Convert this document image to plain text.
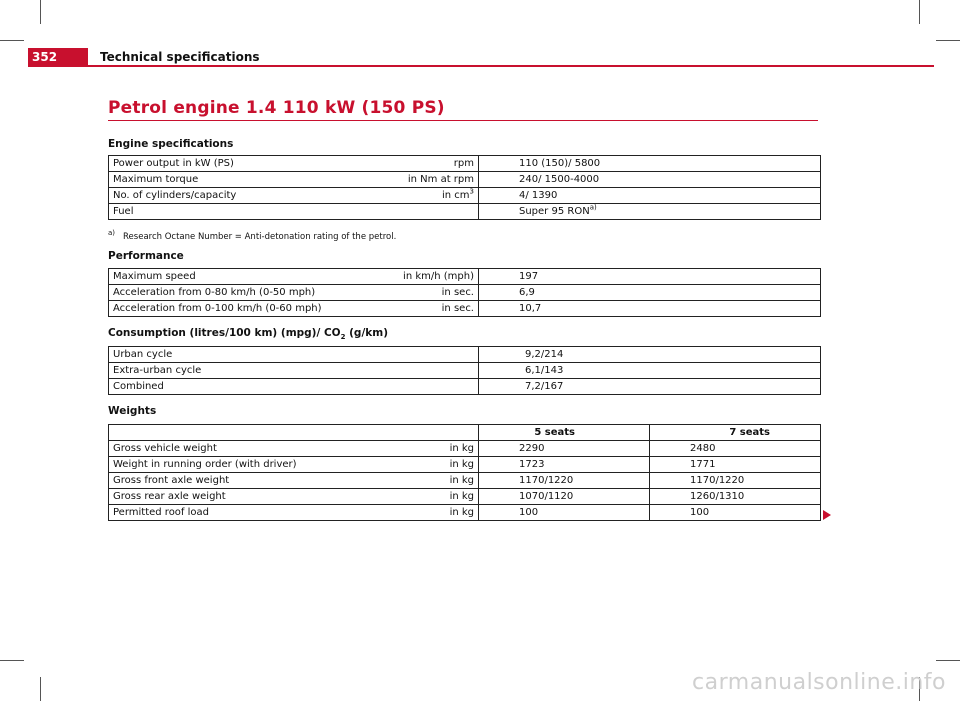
352	Technical specifications
Petrol engine 1.4 110 kW (150 PS)
Engine specifications
Power output in kW (PS) rpm	110 (150)/ 5800
Maximum torque in Nm at rpm	240/ 1500-4000
No. of cylinders/capacity in $cm^3$	4/ 1390
Fuel	Super 95 RON$^{a)}$
$^{a)}$ Research Octane Number = Anti-detonation rating of the petrol.
Performance
Maximum speed in km/h (mph)	197
Acceleration from 0-80 km/h (0-50 mph) in sec.	6,9
Acceleration from 0-100 km/h (0-60 mph) in sec.	10,7
Consumption (litres/100 km) (mpg)/ $CO_2$ (g/km)
Urban cycle	9,2/214
Extra-urban cycle	6,1/143
Combined	7,2/167
Weights
	5 seats	7 seats
Gross vehicle weight in kg	2290	2480
Weight in running order (with driver) in kg	1723	1771
Gross front axle weight in kg	1170/1220	1170/1220
Gross rear axle weight in kg	1070/1120	1260/1310
Permitted roof load in kg	100	100
carmanualsonline.info
